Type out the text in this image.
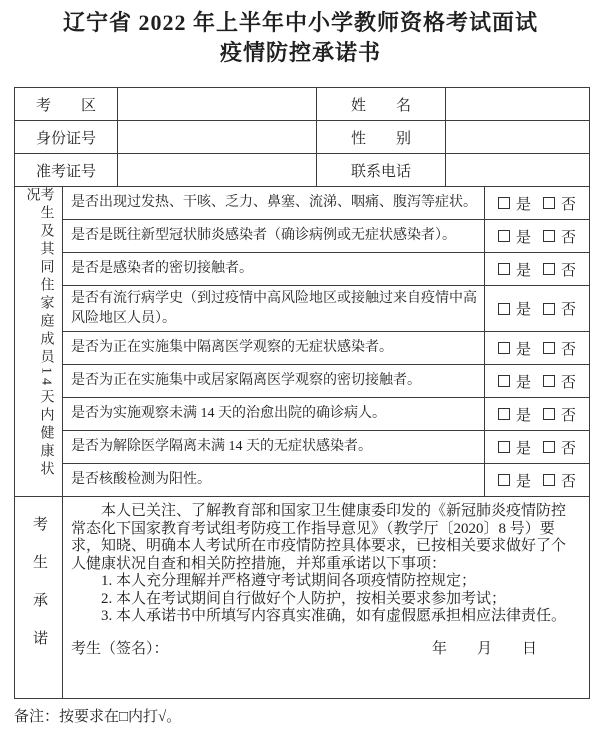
辽宁省 2022 年上半年中小学教师资格考试面试
疫情防控承诺书
考　　区	姓　　名
身份证号	性　　别
准考证号	联系电话
考生及其同住家庭成员14天内健康状况	是否出现过发热、干咳、乏力、鼻塞、流涕、咽痛、腹泻等症状。	是 否
是否是既往新型冠状肺炎感染者（确诊病例或无症状感染者）。	是 否
是否是感染者的密切接触者。	是 否
是否有流行病学史（到过疫情中高风险地区或接触过来自疫情中高风险地区人员）。	是 否
是否为正在实施集中隔离医学观察的无症状感染者。	是 否
是否为正在实施集中或居家隔离医学观察的密切接触者。	是 否
是否为实施观察未满 14 天的治愈出院的确诊病人。	是 否
是否为解除医学隔离未满 14 天的无症状感染者。	是 否
是否核酸检测为阳性。	是 否
考生承诺
本人已关注、了解教育部和国家卫生健康委印发的《新冠肺炎疫情防控常态化下国家教育考试组考防疫工作指导意见》（教学厅〔2020〕8 号）要求，知晓、明确本人考试所在市疫情防控具体要求，已按相关要求做好了个人健康状况自查和相关防控措施，并郑重承诺以下事项：
1. 本人充分理解并严格遵守考试期间各项疫情防控规定；
2. 本人在考试期间自行做好个人防护，按相关要求参加考试；
3. 本人承诺书中所填写内容真实准确，如有虚假愿承担相应法律责任。
考生（签名）：	年　　月　　日
备注：按要求在□内打√。
